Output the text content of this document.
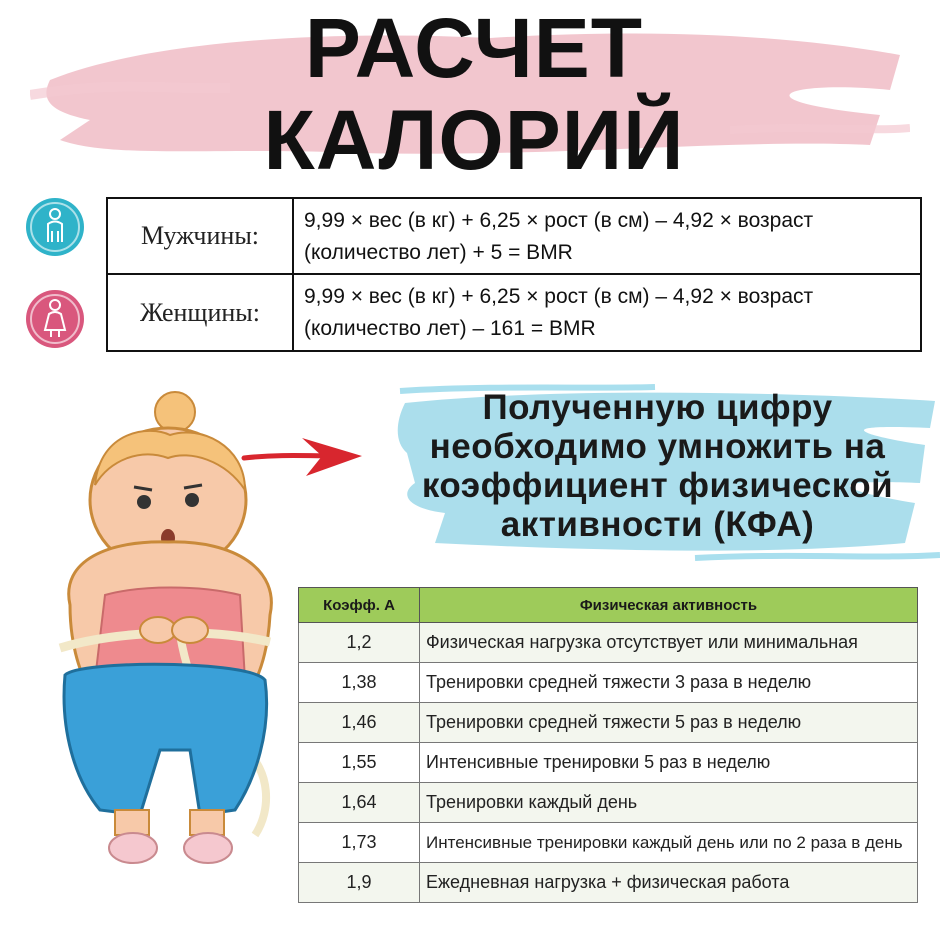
РАСЧЕТ
КАЛОРИЙ
Мужчины:
9,99 × вес (в кг) + 6,25 × рост (в см) – 4,92 × возраст
(количество лет) + 5 = BMR
Женщины:
9,99 × вес (в кг) + 6,25 × рост (в см) – 4,92 × возраст
(количество лет) – 161 = BMR
Полученную цифру
необходимо умножить на
коэффициент физической
активности (КФА)
Коэфф. А	Физическая активность
1,2	Физическая нагрузка отсутствует или минимальная
1,38	Тренировки средней тяжести 3 раза в неделю
1,46	Тренировки средней тяжести 5 раз в неделю
1,55	Интенсивные тренировки 5 раз в неделю
1,64	Тренировки каждый день
1,73	Интенсивные тренировки каждый день или по 2 раза в день
1,9	Ежедневная нагрузка + физическая работа
